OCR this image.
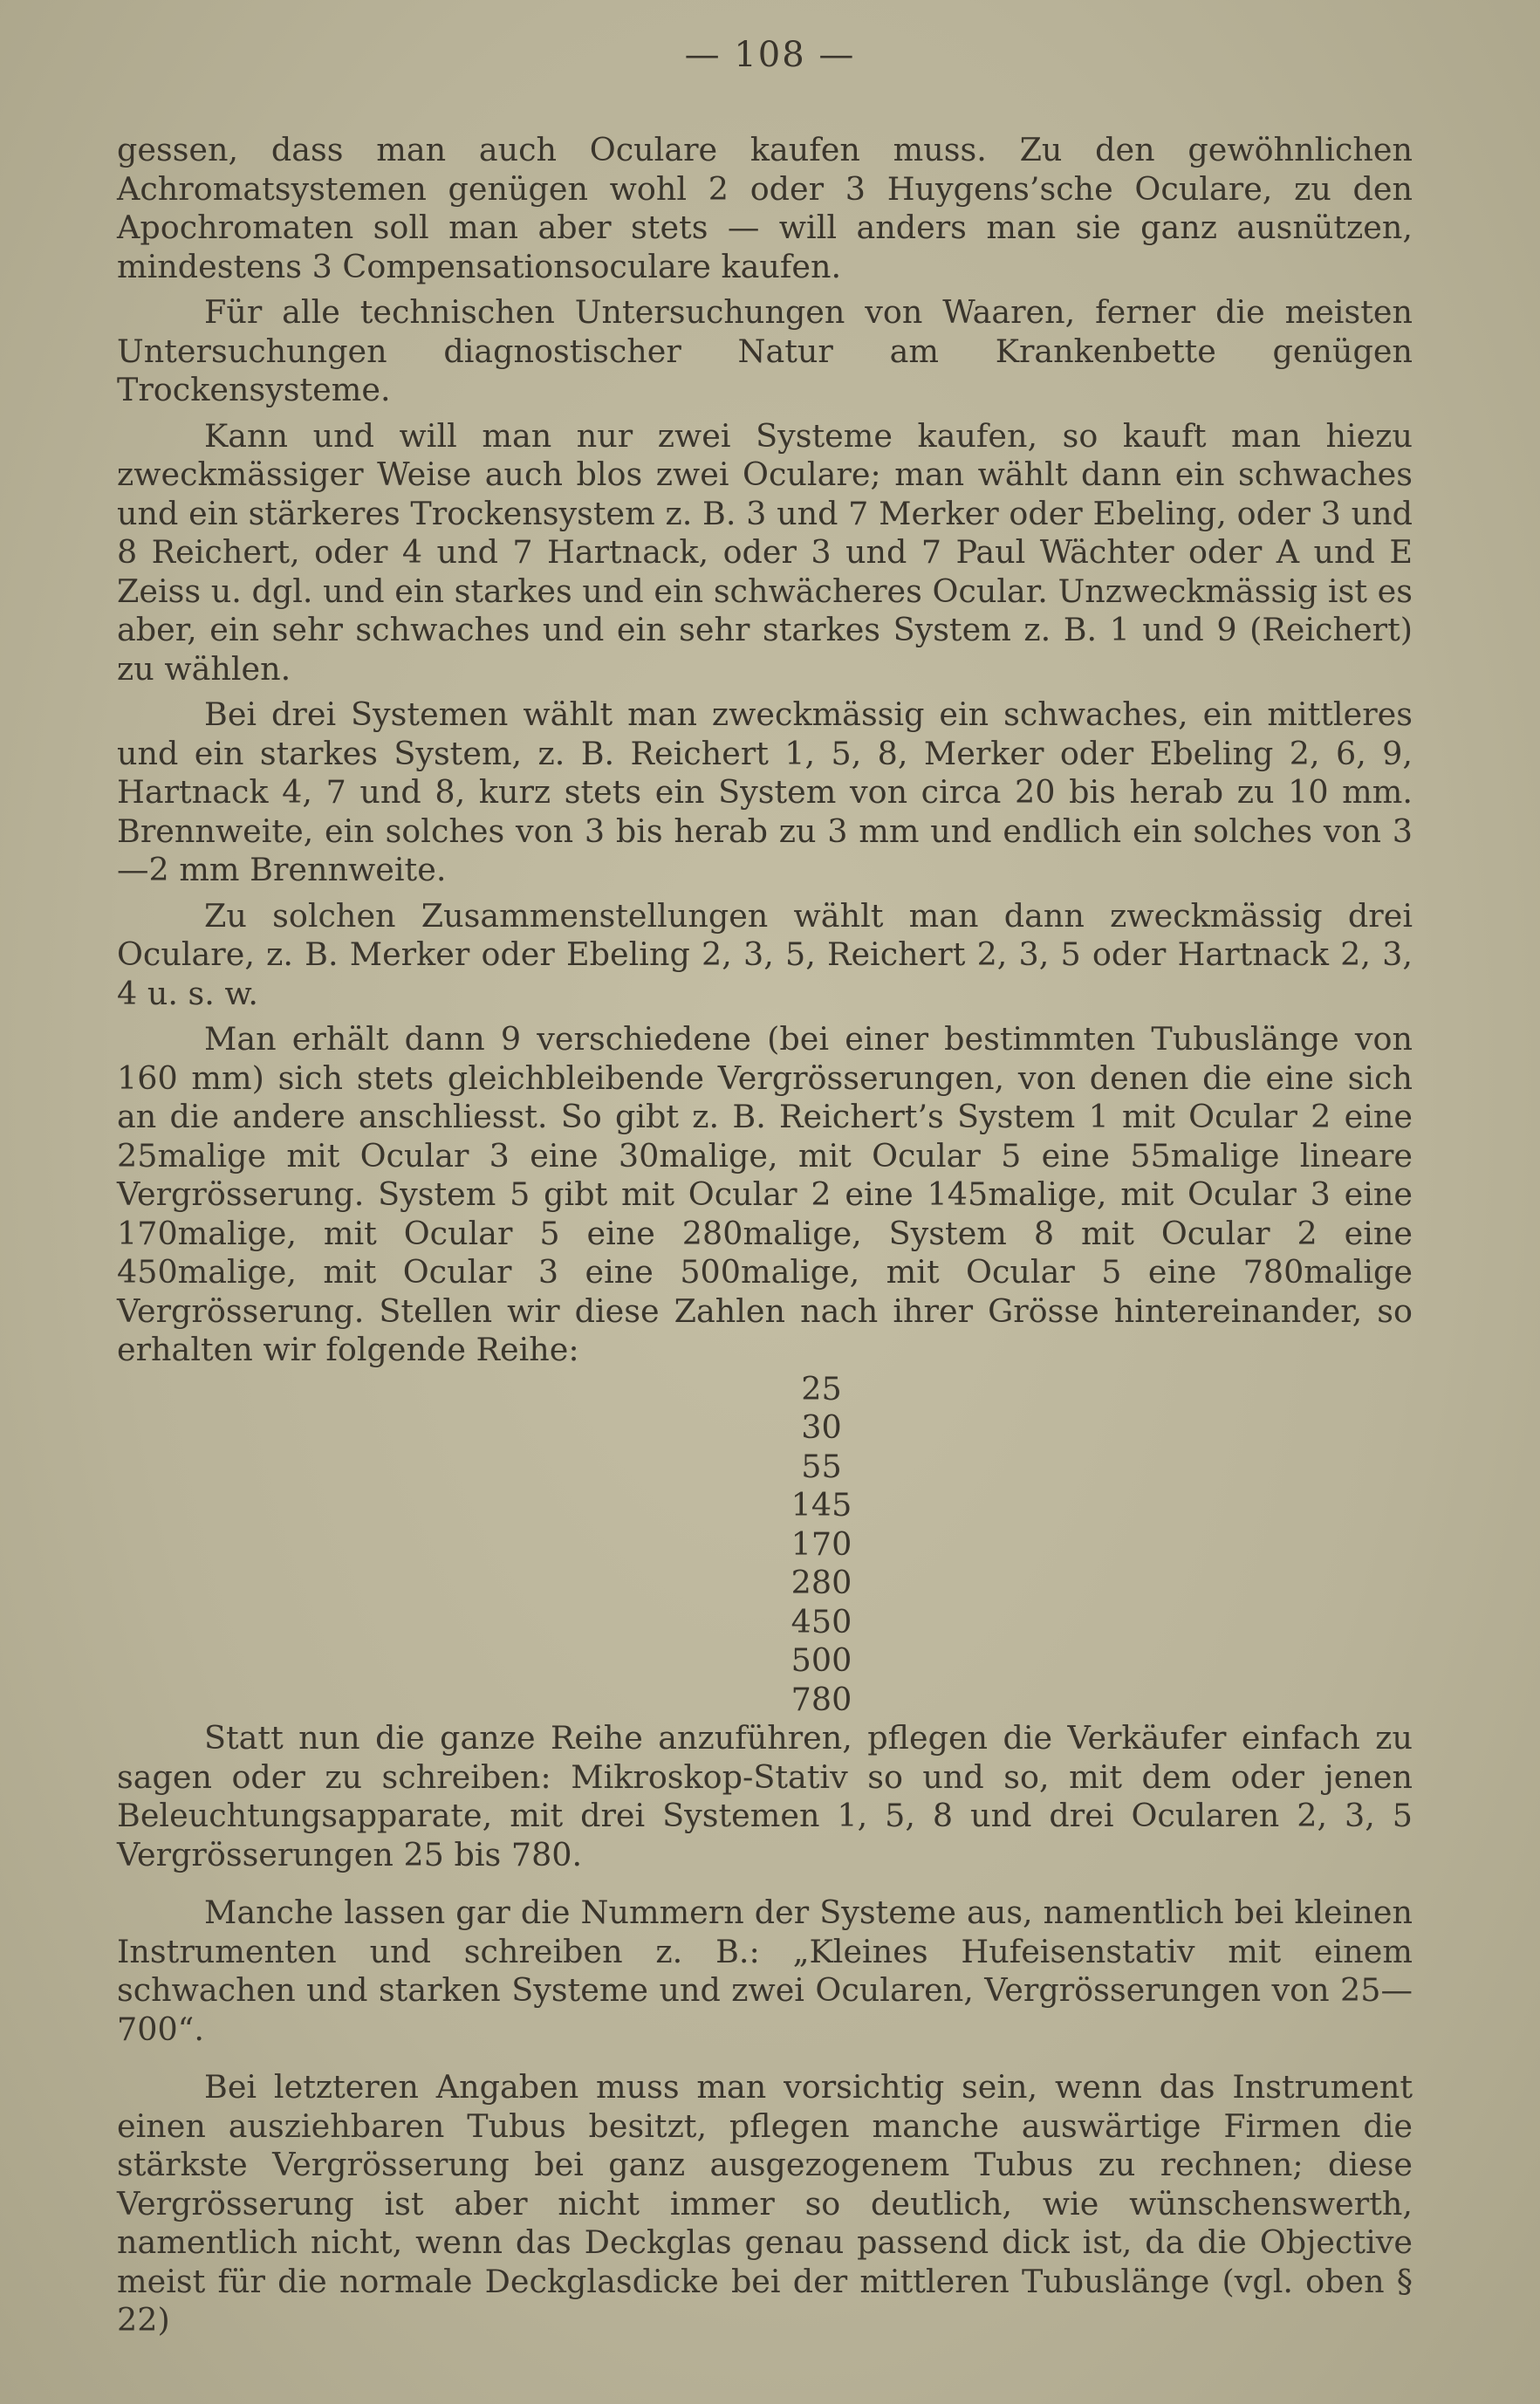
— 108 —

gessen, dass man auch Oculare kaufen muss. Zu den gewöhnlichen Achromatsystemen genügen wohl 2 oder 3 Huygens’sche Oculare, zu den Apochromaten soll man aber stets — will anders man sie ganz ausnützen, mindestens 3 Compensationsoculare kaufen.

Für alle technischen Untersuchungen von Waaren, ferner die meisten Untersuchungen diagnostischer Natur am Krankenbette genügen Trockensysteme.

Kann und will man nur zwei Systeme kaufen, so kauft man hiezu zweckmässiger Weise auch blos zwei Oculare; man wählt dann ein schwaches und ein stärkeres Trockensystem z. B. 3 und 7 Merker oder Ebeling, oder 3 und 8 Reichert, oder 4 und 7 Hartnack, oder 3 und 7 Paul Wächter oder A und E Zeiss u. dgl. und ein starkes und ein schwächeres Ocular. Unzweckmässig ist es aber, ein sehr schwaches und ein sehr starkes System z. B. 1 und 9 (Reichert) zu wählen.

Bei drei Systemen wählt man zweckmässig ein schwaches, ein mittleres und ein starkes System, z. B. Reichert 1, 5, 8, Merker oder Ebeling 2, 6, 9, Hartnack 4, 7 und 8, kurz stets ein System von circa 20 bis herab zu 10 mm. Brennweite, ein solches von 3 bis herab zu 3 mm und endlich ein solches von 3—2 mm Brennweite.

Zu solchen Zusammenstellungen wählt man dann zweckmässig drei Oculare, z. B. Merker oder Ebeling 2, 3, 5, Reichert 2, 3, 5 oder Hartnack 2, 3, 4 u. s. w.

Man erhält dann 9 verschiedene (bei einer bestimmten Tubuslänge von 160 mm) sich stets gleichbleibende Vergrösserungen, von denen die eine sich an die andere anschliesst. So gibt z. B. Reichert’s System 1 mit Ocular 2 eine 25malige mit Ocular 3 eine 30malige, mit Ocular 5 eine 55malige lineare Vergrösserung. System 5 gibt mit Ocular 2 eine 145malige, mit Ocular 3 eine 170malige, mit Ocular 5 eine 280malige, System 8 mit Ocular 2 eine 450malige, mit Ocular 3 eine 500malige, mit Ocular 5 eine 780malige Vergrösserung. Stellen wir diese Zahlen nach ihrer Grösse hintereinander, so erhalten wir folgende Reihe:

25
30
55
145
170
280
450
500
780

Statt nun die ganze Reihe anzuführen, pflegen die Verkäufer einfach zu sagen oder zu schreiben: Mikroskop-Stativ so und so, mit dem oder jenen Beleuchtungsapparate, mit drei Systemen 1, 5, 8 und drei Ocularen 2, 3, 5 Vergrösserungen 25 bis 780.

Manche lassen gar die Nummern der Systeme aus, namentlich bei kleinen Instrumenten und schreiben z. B.: „Kleines Hufeisenstativ mit einem schwachen und starken Systeme und zwei Ocularen, Vergrösserungen von 25—700“.

Bei letzteren Angaben muss man vorsichtig sein, wenn das Instrument einen ausziehbaren Tubus besitzt, pflegen manche auswärtige Firmen die stärkste Vergrösserung bei ganz ausgezogenem Tubus zu rechnen; diese Vergrösserung ist aber nicht immer so deutlich, wie wünschenswerth, namentlich nicht, wenn das Deckglas genau passend dick ist, da die Objective meist für die normale Deckglasdicke bei der mittleren Tubuslänge (vgl. oben § 22)
